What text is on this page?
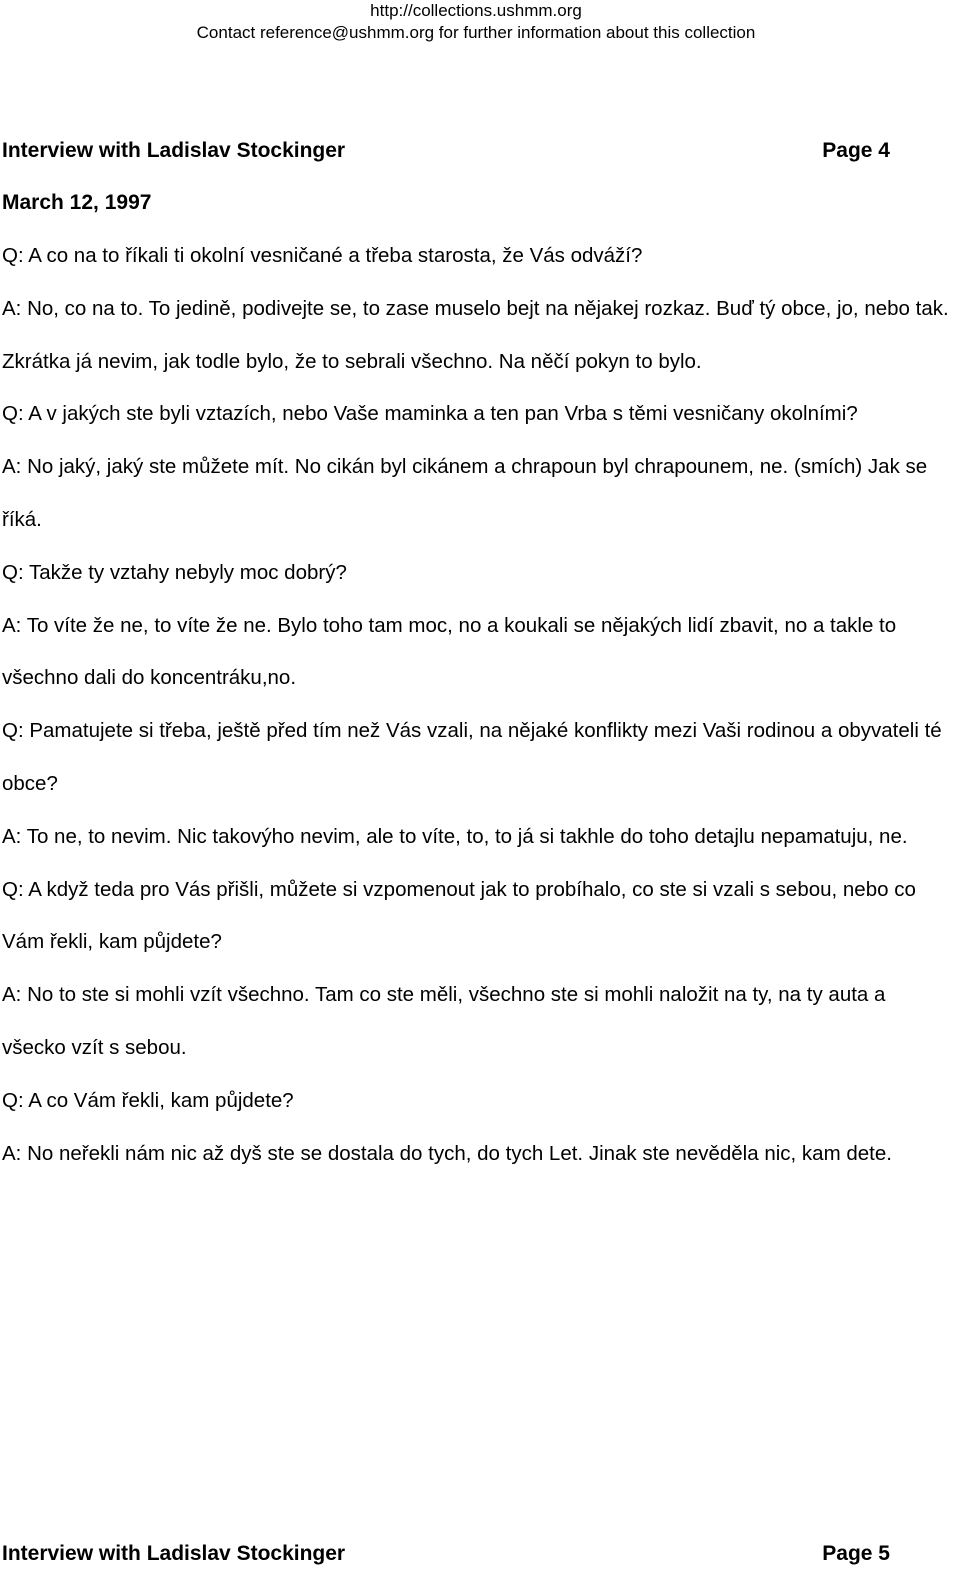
http://collections.ushmm.org
Contact reference@ushmm.org for further information about this collection
Interview with Ladislav Stockinger	Page 4
March 12, 1997

Q: A co na to říkali ti okolní vesničané a třeba starosta, že Vás odváží?

A: No, co na to. To jedině, podivejte se, to zase muselo bejt na nějakej rozkaz. Buď tý obce, jo, nebo tak. Zkrátka já nevim, jak todle bylo, že to sebrali všechno. Na něčí pokyn to bylo.

Q: A v jakých ste byli vztazích, nebo Vaše maminka a ten pan Vrba s těmi vesničany okolními?

A: No jaký, jaký ste můžete mít. No cikán byl cikánem a chrapoun byl chrapounem, ne. (smích) Jak se říká.

Q: Takže ty vztahy nebyly moc dobrý?

A: To víte že ne, to víte že ne. Bylo toho tam moc, no a koukali se nějakých lidí zbavit, no a takle to všechno dali do koncentráku,no.

Q: Pamatujete si třeba, ještě před tím než Vás vzali, na nějaké konflikty mezi Vaši rodinou a obyvateli té obce?

A: To ne, to nevim. Nic takovýho nevim, ale to víte, to, to já si takhle do toho detajlu nepamatuju, ne.

Q: A když teda pro Vás přišli, můžete si vzpomenout jak to probíhalo, co ste si vzali s sebou, nebo co Vám řekli, kam půjdete?

A: No to ste si mohli vzít všechno. Tam co ste měli, všechno ste si mohli naložit na ty, na ty auta a všecko vzít s sebou.

Q: A co Vám řekli, kam půjdete?

A: No neřekli nám nic až dyš ste se dostala do tych, do tych Let. Jinak ste nevěděla nic, kam dete.

Interview with Ladislav Stockinger	Page 5
